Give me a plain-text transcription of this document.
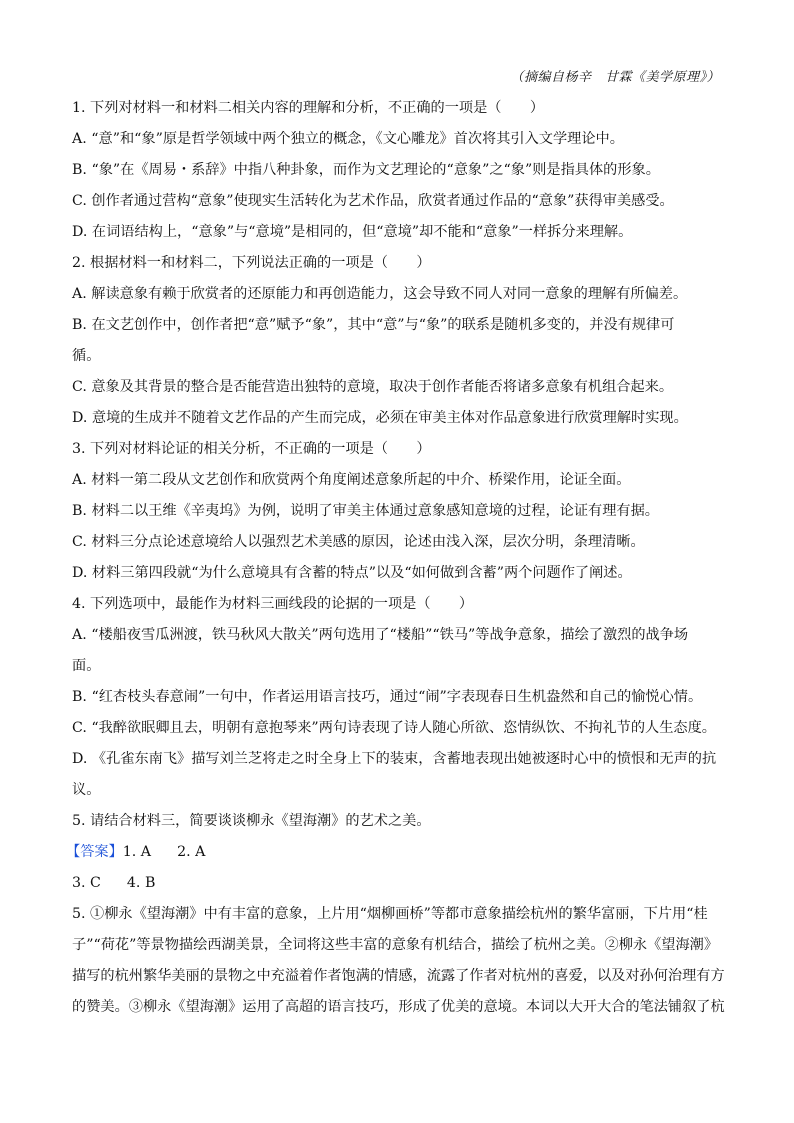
（摘编自杨辛　甘霖《美学原理》）
1. 下列对材料一和材料二相关内容的理解和分析，不正确的一项是（　　）
A. “意”和“象”原是哲学领域中两个独立的概念，《文心雕龙》首次将其引入文学理论中。
B. “象”在《周易・系辞》中指八种卦象，而作为文艺理论的“意象”之“象”则是指具体的形象。
C. 创作者通过营构“意象”使现实生活转化为艺术作品，欣赏者通过作品的“意象”获得审美感受。
D. 在词语结构上，“意象”与“意境”是相同的，但“意境”却不能和“意象”一样拆分来理解。
2. 根据材料一和材料二，下列说法正确的一项是（　　）
A. 解读意象有赖于欣赏者的还原能力和再创造能力，这会导致不同人对同一意象的理解有所偏差。
B. 在文艺创作中，创作者把“意”赋予“象”，其中“意”与“象”的联系是随机多变的，并没有规律可
循。
C. 意象及其背景的整合是否能营造出独特的意境，取决于创作者能否将诸多意象有机组合起来。
D. 意境的生成并不随着文艺作品的产生而完成，必须在审美主体对作品意象进行欣赏理解时实现。
3. 下列对材料论证的相关分析，不正确的一项是（　　）
A. 材料一第二段从文艺创作和欣赏两个角度阐述意象所起的中介、桥梁作用，论证全面。
B. 材料二以王维《辛夷坞》为例，说明了审美主体通过意象感知意境的过程，论证有理有据。
C. 材料三分点论述意境给人以强烈艺术美感的原因，论述由浅入深，层次分明，条理清晰。
D. 材料三第四段就“为什么意境具有含蓄的特点”以及“如何做到含蓄”两个问题作了阐述。
4. 下列选项中，最能作为材料三画线段的论据的一项是（　　）
A. “楼船夜雪瓜洲渡，铁马秋风大散关”两句选用了“楼船”“铁马”等战争意象，描绘了激烈的战争场
面。
B. “红杏枝头春意闹”一句中，作者运用语言技巧，通过“闹”字表现春日生机盎然和自己的愉悦心情。
C. “我醉欲眠卿且去，明朝有意抱琴来”两句诗表现了诗人随心所欲、恣情纵饮、不拘礼节的人生态度。
D. 《孔雀东南飞》描写刘兰芝将走之时全身上下的装束，含蓄地表现出她被逐时心中的愤恨和无声的抗
议。
5. 请结合材料三，简要谈谈柳永《望海潮》的艺术之美。
【答案】1. A 2. A
3. C 4. B
5. ①柳永《望海潮》中有丰富的意象，上片用“烟柳画桥”等都市意象描绘杭州的繁华富丽，下片用“桂
子”“荷花”等景物描绘西湖美景，全词将这些丰富的意象有机结合，描绘了杭州之美。②柳永《望海潮》
描写的杭州繁华美丽的景物之中充溢着作者饱满的情感，流露了作者对杭州的喜爱，以及对孙何治理有方
的赞美。③柳永《望海潮》运用了高超的语言技巧，形成了优美的意境。本词以大开大合的笔法铺叙了杭
